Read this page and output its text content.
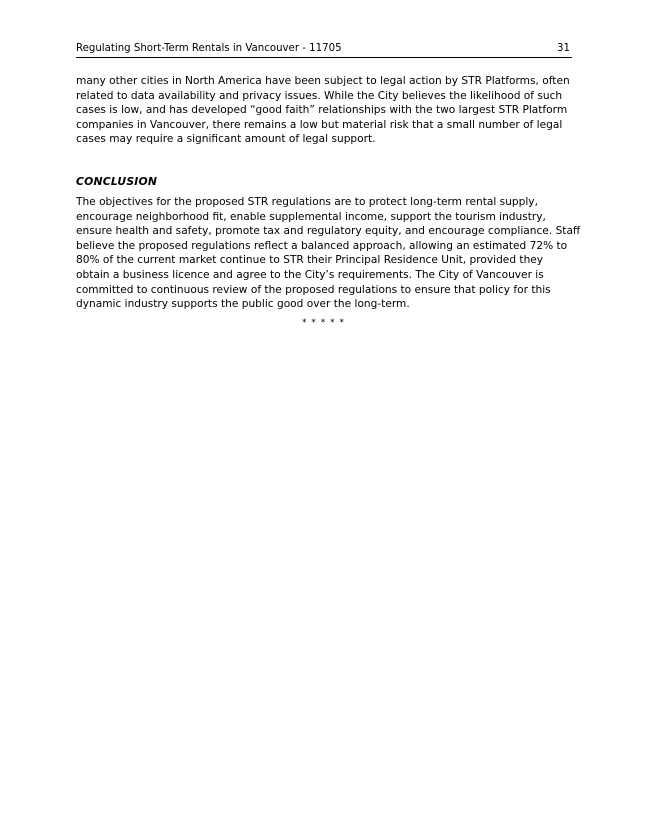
Regulating Short-Term Rentals in Vancouver - 11705	31
many other cities in North America have been subject to legal action by STR Platforms, often
related to data availability and privacy issues. While the City believes the likelihood of such
cases is low, and has developed “good faith” relationships with the two largest STR Platform
companies in Vancouver, there remains a low but material risk that a small number of legal
cases may require a significant amount of legal support.
CONCLUSION
The objectives for the proposed STR regulations are to protect long-term rental supply,
encourage neighborhood fit, enable supplemental income, support the tourism industry,
ensure health and safety, promote tax and regulatory equity, and encourage compliance. Staff
believe the proposed regulations reflect a balanced approach, allowing an estimated 72% to
80% of the current market continue to STR their Principal Residence Unit, provided they
obtain a business licence and agree to the City’s requirements. The City of Vancouver is
committed to continuous review of the proposed regulations to ensure that policy for this
dynamic industry supports the public good over the long-term.
* * * * *
